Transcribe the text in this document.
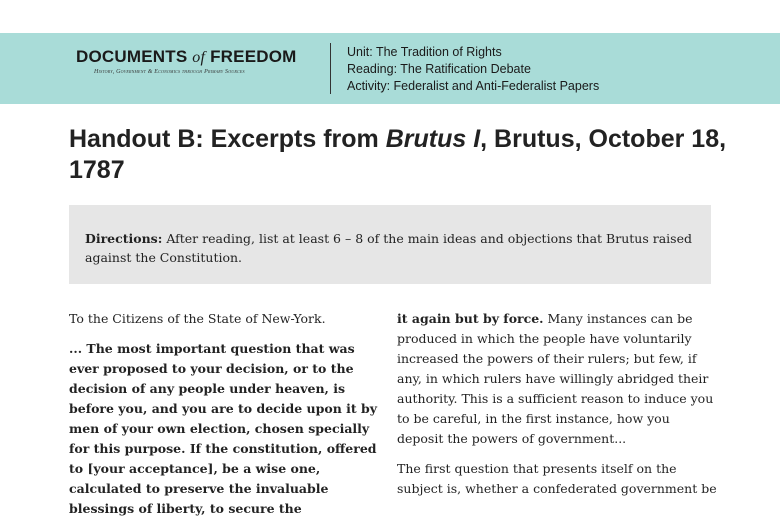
DOCUMENTS of FREEDOM
History, Government & Economics through Primary Sources
Unit: The Tradition of Rights
Reading: The Ratification Debate
Activity: Federalist and Anti-Federalist Papers
Handout B: Excerpts from Brutus I, Brutus, October 18, 1787
Directions: After reading, list at least 6 – 8 of the main ideas and objections that Brutus raised against the Constitution.

To the Citizens of the State of New-York.

... The most important question that was ever proposed to your decision, or to the decision of any people under heaven, is before you, and you are to decide upon it by men of your own election, chosen specially for this purpose. If the constitution, offered to [your acceptance], be a wise one, calculated to preserve the invaluable blessings of liberty, to secure the

it again but by force. Many instances can be produced in which the people have voluntarily increased the powers of their rulers; but few, if any, in which rulers have willingly abridged their authority. This is a sufficient reason to induce you to be careful, in the first instance, how you deposit the powers of government...

The first question that presents itself on the subject is, whether a confederated government be
